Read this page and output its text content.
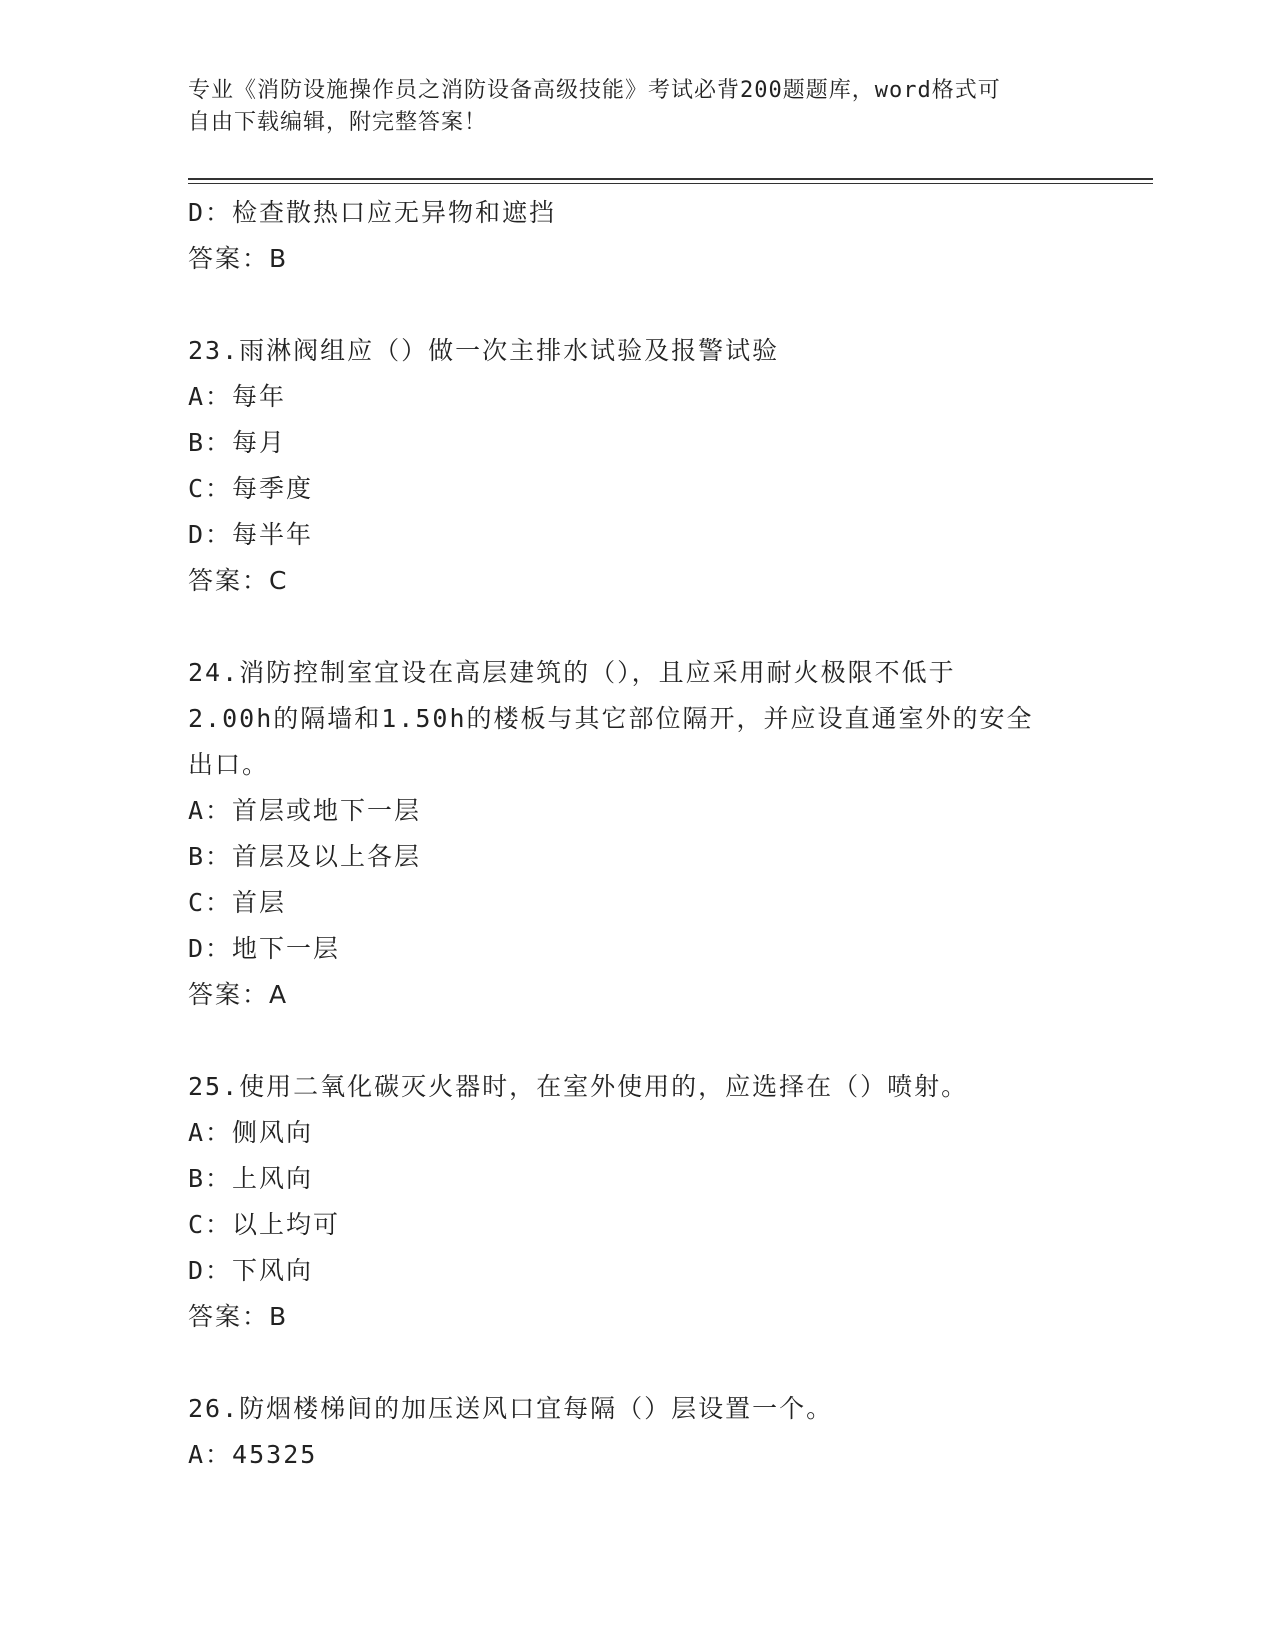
专业《消防设施操作员之消防设备高级技能》考试必背200题题库，word格式可
自由下载编辑，附完整答案！
D：检查散热口应无异物和遮挡
答案：B
23.雨淋阀组应（）做一次主排水试验及报警试验
A：每年
B：每月
C：每季度
D：每半年
答案：C
24.消防控制室宜设在高层建筑的（），且应采用耐火极限不低于
2.00h的隔墙和1.50h的楼板与其它部位隔开，并应设直通室外的安全
出口。
A：首层或地下一层
B：首层及以上各层
C：首层
D：地下一层
答案：A
25.使用二氧化碳灭火器时，在室外使用的，应选择在（）喷射。
A：侧风向
B：上风向
C：以上均可
D：下风向
答案：B
26.防烟楼梯间的加压送风口宜每隔（）层设置一个。
A：45325
